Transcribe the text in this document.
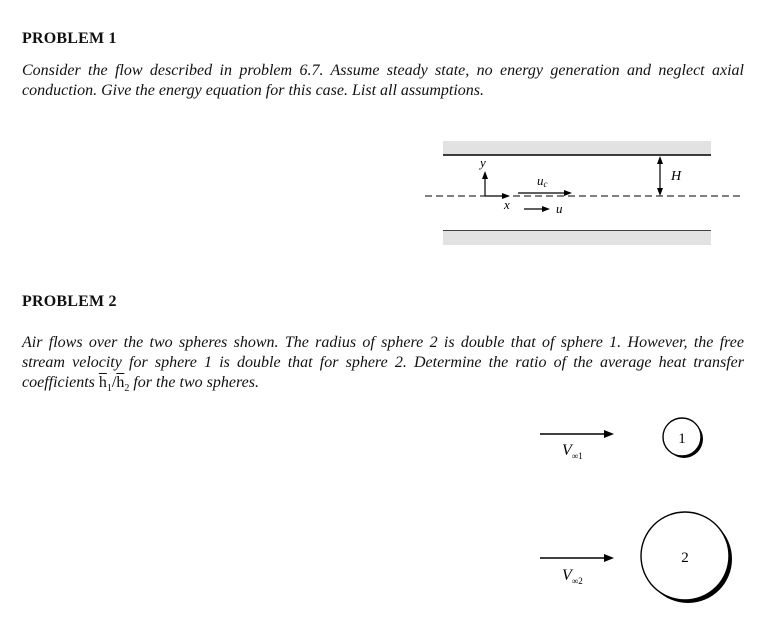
PROBLEM 1
Consider the flow described in problem 6.7. Assume steady state, no energy generation and neglect axial conduction. Give the energy equation for this case. List all assumptions.
y
x
uc
u
H
$V_{\infty 1}$
1
$V_{\infty 2}$
2
PROBLEM 2
Air flows over the two spheres shown. The radius of sphere 2 is double that of sphere 1. However, the free stream velocity for sphere 1 is double that for sphere 2. Determine the ratio of the average heat transfer coefficients $\overline{h}_1/\overline{h}_2$ for the two spheres.
